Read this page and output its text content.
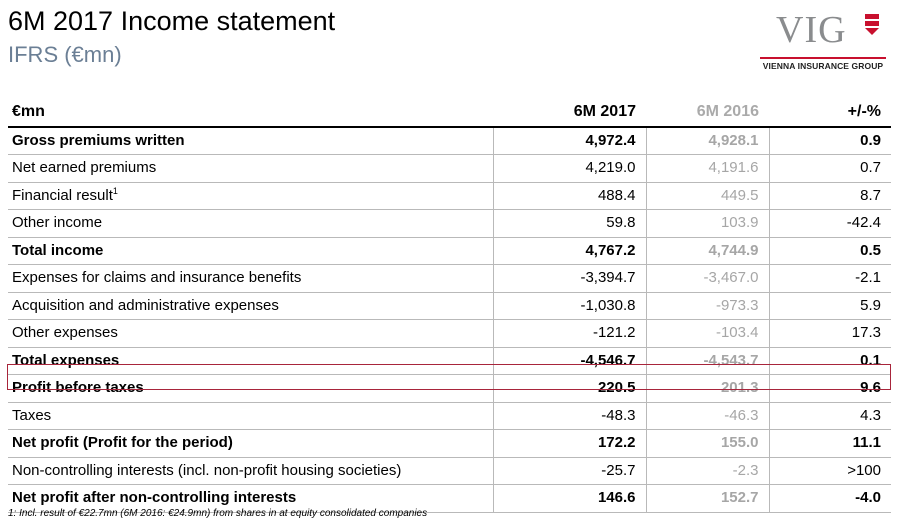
6M 2017 Income statement
IFRS (€mn)
VIG
VIENNA INSURANCE GROUP
€mn	6M 2017	6M 2016	+/-%
Gross premiums written	4,972.4	4,928.1	0.9
Net earned premiums	4,219.0	4,191.6	0.7
Financial result$^1$	488.4	449.5	8.7
Other income	59.8	103.9	-42.4
Total income	4,767.2	4,744.9	0.5
Expenses for claims and insurance benefits	-3,394.7	-3,467.0	-2.1
Acquisition and administrative expenses	-1,030.8	-973.3	5.9
Other expenses	-121.2	-103.4	17.3
Total expenses	-4,546.7	-4,543.7	0.1
Profit before taxes	220.5	201.3	9.6
Taxes	-48.3	-46.3	4.3
Net profit (Profit for the period)	172.2	155.0	11.1
Non-controlling interests (incl. non-profit housing societies)	-25.7	-2.3	>100
Net profit after non-controlling interests	146.6	152.7	-4.0
1: Incl. result of €22.7mn (6M 2016: €24.9mn) from shares in at equity consolidated companies
